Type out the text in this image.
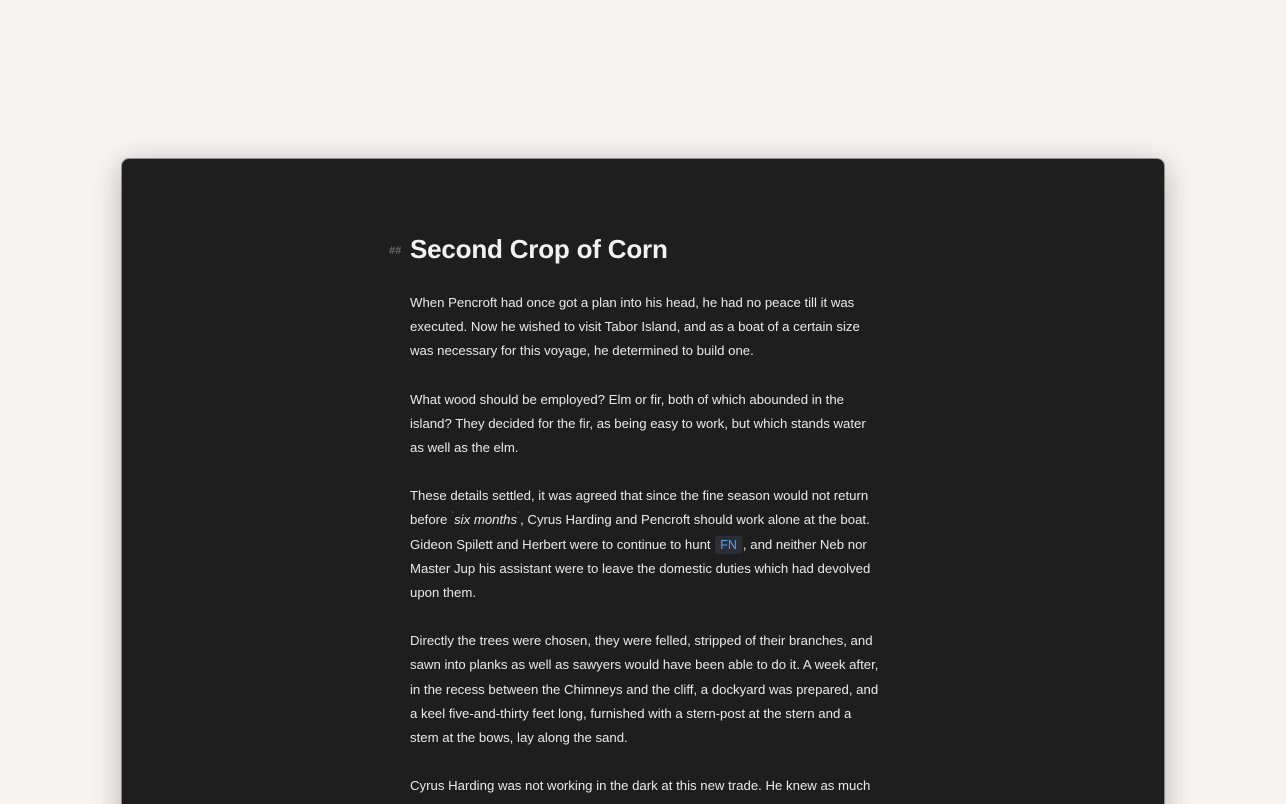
## Second Crop of Corn

When Pencroft had once got a plan into his head, he had no peace till it was executed. Now he wished to visit Tabor Island, and as a boat of a certain size was necessary for this voyage, he determined to build one.

What wood should be employed? Elm or fir, both of which abounded in the island? They decided for the fir, as being easy to work, but which stands water as well as the elm.

These details settled, it was agreed that since the fine season would not return before `six months`, Cyrus Harding and Pencroft should work alone at the boat. Gideon Spilett and Herbert were to continue to hunt FN , and neither Neb nor Master Jup his assistant were to leave the domestic duties which had devolved upon them.

Directly the trees were chosen, they were felled, stripped of their branches, and sawn into planks as well as sawyers would have been able to do it. A week after, in the recess between the Chimneys and the cliff, a dockyard was prepared, and a keel five-and-thirty feet long, furnished with a stern-post at the stern and a stem at the bows, lay along the sand.

Cyrus Harding was not working in the dark at this new trade. He knew as much
